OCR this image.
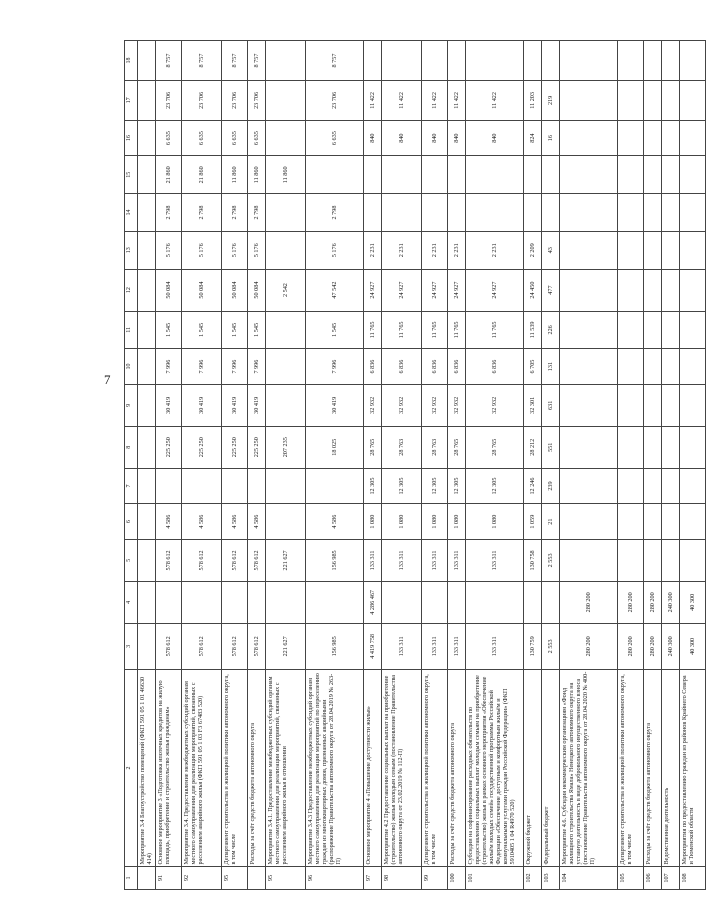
7
1	2	3	4	5	6	7	8	9	10	11	12	13	14	15	16	17	18
	Мероприятие 3.4 Благоустройство помещений (ФКП 591 05 1 01 46630 414)																
91	Основное мероприятие 3 «Подготовка ипотечных кредитов на жилую площадь, приобретение и строительство жилья гражданам»	578 612		578 612	4 586		225 250	30 419	7 996	1 545	50 084	5 176	2 798	21 860	6 635	23 706	8 757
92	Мероприятие 3.4. Предоставление межбюджетных субсидий органам местного самоуправления для реализации мероприятий, связанных с расселением аварийного жилья (ФКП 591 05 1 03 F3 67483 520)	578 612		578 612	4 586		225 250	30 419	7 996	1 545	50 084	5 176	2 798	21 860	6 635	23 706	8 757
95	Департамент строительства и жилищной политики автономного округа, в том числе	578 612		578 612	4 586		225 250	30 419	7 996	1 545	50 084	5 176	2 798	11 860	6 635	23 706	8 757
	Расходы за счёт средств бюджета автономного округа	578 612		578 612	4 586		225 250	30 419	7 996	1 545	50 084	5 176	2 798	11 860	6 635	23 706	8 757
95	Мероприятие 3.4.1. Предоставление межбюджетных субсидий органам местного самоуправления для реализации мероприятий, связанных с расселением аварийного жилья в отношении	221 627		221 627			207 235				2 542			11 860			
96	Мероприятие 3.4.3 Предоставление межбюджетных субсидий органам местного самоуправления для реализации мероприятий по переселению граждан из многоквартирных домов, признанных аварийными (распоряжение Правительства автономного округа от 28.04.2019 № 263-П)	156 985		156 985	4 586		18 025	30 419	7 996	1 545	47 542	5 176	2 798		6 635	23 706	8 757
97	Основное мероприятие 4 «Повышение доступности жилья»	4 419 758	4 286 467	133 311	1 080	12 305	28 765	32 932	6 836	11 765	24 927	2 231			840	11 422	
98	Мероприятие 4.2 Предоставление социальных выплат на приобретение (строительство) жилья молодым семьям (постановление Правительства автономного округа от 23.02.2019 № 112-П)	133 311		133 311	1 080	12 305	28 763	32 932	6 836	11 765	24 927	2 231			840	11 422	
99	Департамент строительства и жилищной политики автономного округа, в том числе	133 311		133 311	1 080	12 305	28 763	32 932	6 836	11 765	24 927	2 231			840	11 422	
100	Расходы за счёт средств бюджета автономного округа	133 311		133 311	1 080	12 305	28 765	32 932	6 836	11 765	24 927	2 231			840	11 422	
101	Субсидии на софинансирование расходных обязательств по предоставлению социальных выплат молодым семьям на приобретение (строительство) жилья в рамках основного мероприятия «Обеспечение жильём молодых семей» государственной программы Российской Федерации «Обеспечение доступным и комфортным жильём и коммунальными услугами граждан Российской Федерации» (ФКП 5910405 1 04 R4970 520)	133 311		133 311	1 080	12 305	28 765	32 932	6 836	11 765	24 927	2 231			840	11 422	
102	Окружной бюджет	130 759		130 758	1 059	12 246	28 212	32 301	6 705	11 539	24 450	2 209			824	11 203	
103	Федеральный бюджет	2 553		2 553	21	239	551	631	131	226	477	43			16	219	
104	Мероприятие 4.6. Субсидия некоммерческим организациям «Фонд жилищного строительства Ямала» Ненецкого автономного округа на уставную деятельность в виде добровольного имущественного взноса (постановление Правительства автономного округа от 28.04.2020 № 400-П)	280 200	280 200														
105	Департамент строительства и жилищной политики автономного округа, в том числе	280 200	280 200														
106	Расходы за счёт средств бюджета автономного округа	280 200	280 200														
107	Ведомственная деятельность	240 300	240 300														
108	Мероприятия по предоставлению граждан из районов Крайнего Севера и Тюменской области	40 300	40 300														
